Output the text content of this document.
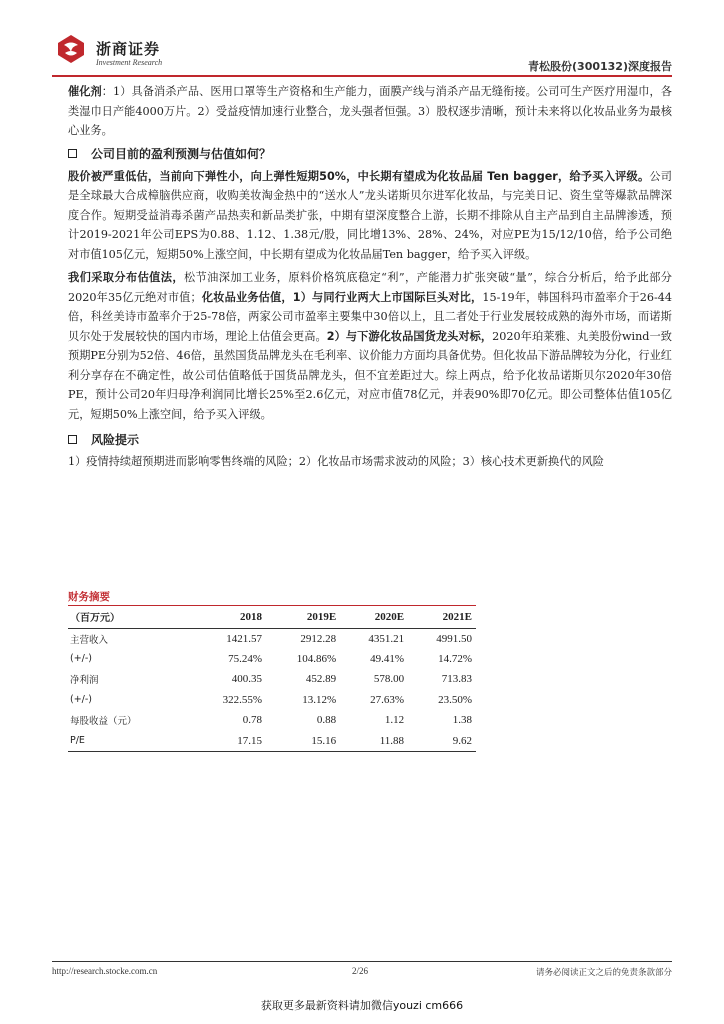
浙商证券
Investment Research	青松股份(300132)深度报告

催化剂：1）具备消杀产品、医用口罩等生产资格和生产能力，面膜产线与消杀产品无缝衔接。公司可生产医疗用湿巾，各类湿巾日产能4000万片。2）受益疫情加速行业整合，龙头强者恒强。3）股权逐步清晰，预计未来将以化妆品业务为最核心业务。

公司目前的盈利预测与估值如何？

股价被严重低估，当前向下弹性小，向上弹性短期50%，中长期有望成为化妆品届 Ten bagger，给予买入评级。公司是全球最大合成樟脑供应商，收购美妆淘金热中的“送水人”龙头诺斯贝尔进军化妆品，与完美日记、资生堂等爆款品牌深度合作。短期受益消毒杀菌产品热卖和新品类扩张，中期有望深度整合上游，长期不排除从自主产品到自主品牌渗透，预计2019-2021年公司EPS为0.88、1.12、1.38元/股，同比增13%、28%、24%，对应PE为15/12/10倍，给予公司绝对市值105亿元，短期50%上涨空间，中长期有望成为化妆品届Ten bagger，给予买入评级。

我们采取分布估值法，松节油深加工业务，原料价格筑底稳定“利”，产能潜力扩张突破“量”，综合分析后，给予此部分2020年35亿元绝对市值；化妆品业务估值，1）与同行业两大上市国际巨头对比，15-19年，韩国科玛市盈率介于26-44倍，科丝美诗市盈率介于25-78倍，两家公司市盈率主要集中30倍以上，且二者处于行业发展较成熟的海外市场，而诺斯贝尔处于发展较快的国内市场，理论上估值会更高。2）与下游化妆品国货龙头对标，2020年珀莱雅、丸美股份wind一致预期PE分别为52倍、46倍，虽然国货品牌龙头在毛利率、议价能力方面均具备优势。但化妆品下游品牌较为分化，行业红利分享存在不确定性，故公司估值略低于国货品牌龙头，但不宜差距过大。综上两点，给予化妆品诺斯贝尔2020年30倍PE，预计公司20年归母净利润同比增长25%至2.6亿元，对应市值78亿元，并表90%即70亿元。即公司整体估值105亿元，短期50%上涨空间，给予买入评级。

风险提示

1）疫情持续超预期进而影响零售终端的风险；2）化妆品市场需求波动的风险；3）核心技术更新换代的风险

财务摘要
（百万元）	2018	2019E	2020E	2021E
主营收入	1421.57	2912.28	4351.21	4991.50
(+/-)	75.24%	104.86%	49.41%	14.72%
净利润	400.35	452.89	578.00	713.83
(+/-)	322.55%	13.12%	27.63%	23.50%
每股收益（元）	0.78	0.88	1.12	1.38
P/E	17.15	15.16	11.88	9.62
http://research.stocke.com.cn	2/26	请务必阅读正文之后的免责条款部分
获取更多最新资料请加微信youzi cm666
